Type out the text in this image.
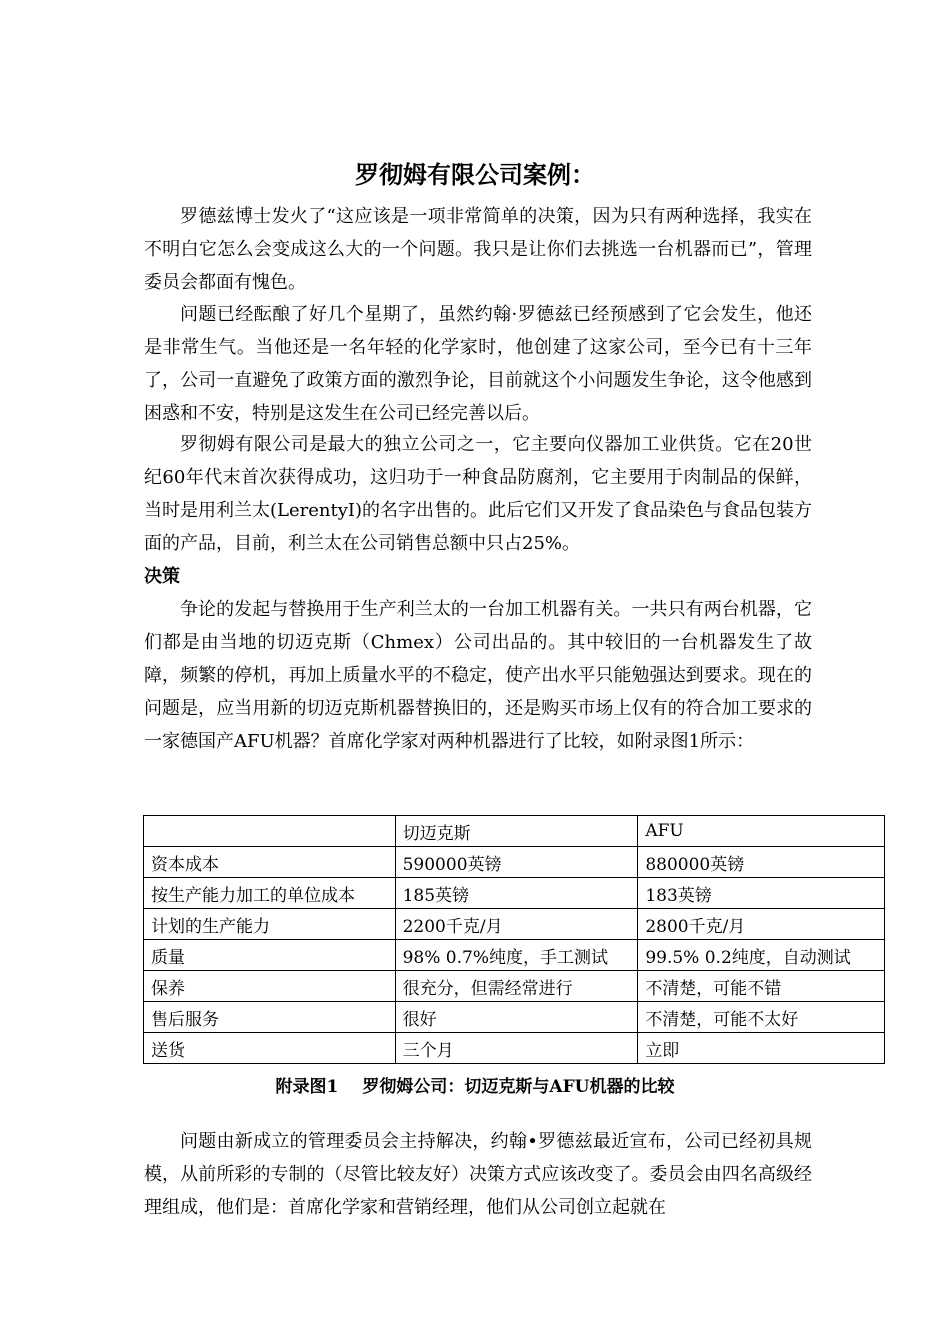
罗彻姆有限公司案例：

罗德兹博士发火了“这应该是一项非常简单的决策，因为只有两种选择，我实在不明白它怎么会变成这么大的一个问题。我只是让你们去挑选一台机器而已”，管理委员会都面有愧色。

问题已经酝酿了好几个星期了，虽然约翰·罗德兹已经预感到了它会发生，他还是非常生气。当他还是一名年轻的化学家时，他创建了这家公司，至今已有十三年了，公司一直避免了政策方面的激烈争论，目前就这个小问题发生争论，这令他感到困惑和不安，特别是这发生在公司已经完善以后。

罗彻姆有限公司是最大的独立公司之一，它主要向仪器加工业供货。它在20世纪60年代末首次获得成功，这归功于一种食品防腐剂，它主要用于肉制品的保鲜，当时是用利兰太(LerentyI)的名字出售的。此后它们又开发了食品染色与食品包装方面的产品，目前，利兰太在公司销售总额中只占25%。

决策

争论的发起与替换用于生产利兰太的一台加工机器有关。一共只有两台机器，它们都是由当地的切迈克斯（Chmex）公司出品的。其中较旧的一台机器发生了故障，频繁的停机，再加上质量水平的不稳定，使产出水平只能勉强达到要求。现在的问题是，应当用新的切迈克斯机器替换旧的，还是购买市场上仅有的符合加工要求的一家德国产AFU机器？首席化学家对两种机器进行了比较，如附录图1所示：

	切迈克斯	AFU
资本成本	590000英镑	880000英镑
按生产能力加工的单位成本	185英镑	183英镑
计划的生产能力	2200千克/月	2800千克/月
质量	98% 0.7%纯度，手工测试	99.5% 0.2纯度，自动测试
保养	很充分，但需经常进行	不清楚，可能不错
售后服务	很好	不清楚，可能不太好
送货	三个月	立即
附录图1 罗彻姆公司：切迈克斯与AFU机器的比较

问题由新成立的管理委员会主持解决，约翰•罗德兹最近宣布，公司已经初具规模，从前所彩的专制的（尽管比较友好）决策方式应该改变了。委员会由四名高级经理组成，他们是：首席化学家和营销经理，他们从公司创立起就在
